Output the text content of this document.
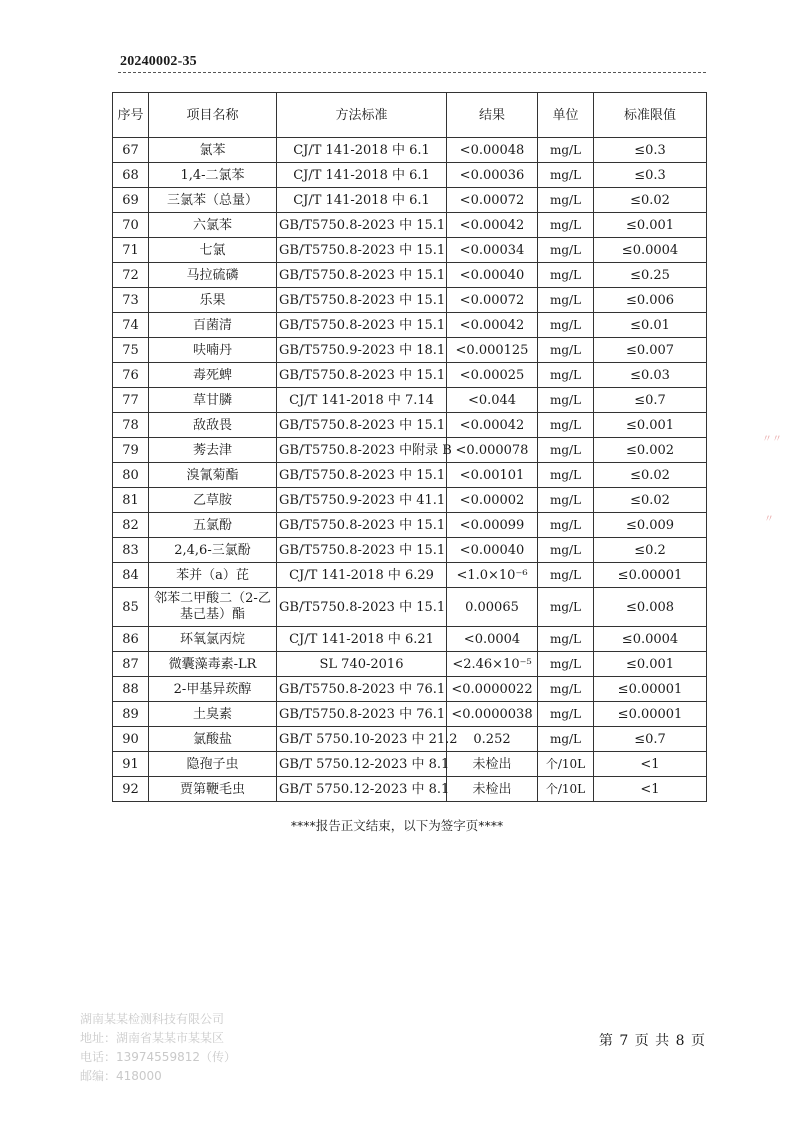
20240002-35
序号	项目名称	方法标准	结果	单位	标准限值
67	氯苯	CJ/T 141-2018 中 6.1	<0.00048	mg/L	≤0.3
68	1,4-二氯苯	CJ/T 141-2018 中 6.1	<0.00036	mg/L	≤0.3
69	三氯苯（总量）	CJ/T 141-2018 中 6.1	<0.00072	mg/L	≤0.02
70	六氯苯	GB/T5750.8-2023 中 15.1	<0.00042	mg/L	≤0.001
71	七氯	GB/T5750.8-2023 中 15.1	<0.00034	mg/L	≤0.0004
72	马拉硫磷	GB/T5750.8-2023 中 15.1	<0.00040	mg/L	≤0.25
73	乐果	GB/T5750.8-2023 中 15.1	<0.00072	mg/L	≤0.006
74	百菌清	GB/T5750.8-2023 中 15.1	<0.00042	mg/L	≤0.01
75	呋喃丹	GB/T5750.9-2023 中 18.1	<0.000125	mg/L	≤0.007
76	毒死蜱	GB/T5750.8-2023 中 15.1	<0.00025	mg/L	≤0.03
77	草甘膦	CJ/T 141-2018 中 7.14	<0.044	mg/L	≤0.7
78	敌敌畏	GB/T5750.8-2023 中 15.1	<0.00042	mg/L	≤0.001
79	莠去津	GB/T5750.8-2023 中附录 B	<0.000078	mg/L	≤0.002
80	溴氰菊酯	GB/T5750.8-2023 中 15.1	<0.00101	mg/L	≤0.02
81	乙草胺	GB/T5750.9-2023 中 41.1	<0.00002	mg/L	≤0.02
82	五氯酚	GB/T5750.8-2023 中 15.1	<0.00099	mg/L	≤0.009
83	2,4,6-三氯酚	GB/T5750.8-2023 中 15.1	<0.00040	mg/L	≤0.2
84	苯并（a）芘	CJ/T 141-2018 中 6.29	<1.0×10⁻⁶	mg/L	≤0.00001
85	邻苯二甲酸二（2-乙基己基）酯	GB/T5750.8-2023 中 15.1	0.00065	mg/L	≤0.008
86	环氧氯丙烷	CJ/T 141-2018 中 6.21	<0.0004	mg/L	≤0.0004
87	微囊藻毒素-LR	SL 740-2016	<2.46×10⁻⁵	mg/L	≤0.001
88	2-甲基异莰醇	GB/T5750.8-2023 中 76.1	<0.0000022	mg/L	≤0.00001
89	土臭素	GB/T5750.8-2023 中 76.1	<0.0000038	mg/L	≤0.00001
90	氯酸盐	GB/T 5750.10-2023 中 21.2	0.252	mg/L	≤0.7
91	隐孢子虫	GB/T 5750.12-2023 中 8.1	未检出	个/10L	<1
92	贾第鞭毛虫	GB/T 5750.12-2023 中 8.1	未检出	个/10L	<1
****报告正文结束，以下为签字页****
湖南某某检测科技有限公司
地址：湖南省某某市某某区
电话：13974559812（传）
邮编：418000
第 7 页 共 8 页
〃〃
〃
